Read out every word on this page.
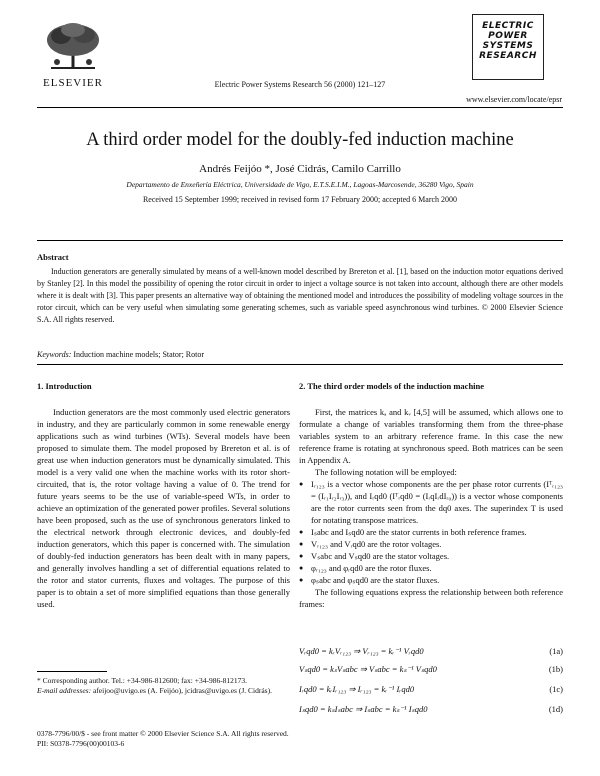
ELSEVIER	Electric Power Systems Research 56 (2000) 121–127
ELECTRIC
POWER
SYSTEMS
RESEARCH
www.elsevier.com/locate/epsr
A third order model for the doubly-fed induction machine
Andrés Feijóo *, José Cidrás, Camilo Carrillo
Departamento de Enxeñería Eléctrica, Universidade de Vigo, E.T.S.E.I.M., Lagoas-Marcosende, 36280 Vigo, Spain
Received 15 September 1999; received in revised form 17 February 2000; accepted 6 March 2000
Abstract
Induction generators are generally simulated by means of a well-known model described by Brereton et al. [1], based on the induction motor equations derived by Stanley [2]. In this model the possibility of opening the rotor circuit in order to inject a voltage source is not taken into account, although there are other models where it is dealt with [3]. This paper presents an alternative way of obtaining the mentioned model and introduces the possibility of modeling voltage sources in the rotor circuit, which can be very useful when simulating some generating schemes, such as variable speed asynchronous wind turbines. © 2000 Elsevier Science S.A. All rights reserved.
Keywords: Induction machine models; Stator; Rotor
1. Introduction

Induction generators are the most commonly used electric generators in industry, and they are particularly common in some renewable energy applications such as wind turbines (WTs). Several models have been proposed to simulate them. The model proposed by Brereton et al. is of great use when induction generators must be dynamically simulated. This model is a very valid one when the machine works with its rotor short-circuited, that is, the rotor voltage having a value of 0. The trend for future years seems to be the use of variable-speed WTs, in order to achieve an optimization of the generated power profiles. Several solutions have been proposed, such as the use of synchronous generators linked to the electrical network through electronic devices, and doubly-fed induction generators, which this paper is concerned with. The simulation of doubly-fed induction generators has been dealt with in many papers, and generally involves handling a set of differential equations related to the rotor and stator currents, fluxes and voltages. The purpose of this paper is to obtain a set of more simplified equations than those generally used.

2. The third order models of the induction machine

First, the matrices kₐ and kᵥ [4,5] will be assumed, which allows one to formulate a change of variables transforming them from the three-phase variables system to an arbitrary reference frame. In this case the new reference frame is rotating at synchronous speed. Both matrices can be seen in Appendix A.

The following notation will be employed:

● Iᵣ₁₂₃ is a vector whose components are the per phase rotor currents (Iᵀᵣ₁₂₃ = (Iᵣ₁Iᵣ₂Iᵣ₃)), and Iᵣqd0 (Iᵀᵣqd0 = (IᵣqIᵣdIᵣ₀)) is a vector whose components are the rotor currents seen from the dq0 axes. The superindex T is used for notating transpose matrices.
● Iₛabc and Iₛqd0 are the stator currents in both reference frames.
● Vᵣ₁₂₃ and Vᵣqd0 are the rotor voltages.
● Vₛabc and Vₛqd0 are the stator voltages.
● φᵣ₁₂₃ and φᵣqd0 are the rotor fluxes.
● φₛabc and φₛqd0 are the stator fluxes.

The following equations express the relationship between both reference frames:

Vᵣqd0 = kᵣVᵣ₁₂₃ ⇒ Vᵣ₁₂₃ = kᵣ⁻¹ Vᵣqd0	(1a)
Vₛqd0 = kₛVₛabc ⇒ Vₛabc = kₛ⁻¹ Vₛqd0	(1b)
Iᵣqd0 = kᵣIᵣ₁₂₃ ⇒ Iᵣ₁₂₃ = kᵣ⁻¹ Iᵣqd0	(1c)
Iₛqd0 = kₛIₛabc ⇒ Iₛabc = kₛ⁻¹ Iₛqd0	(1d)
* Corresponding author. Tel.: +34-986-812600; fax: +34-986-812173.
E-mail addresses: afeijoo@uvigo.es (A. Feijóo), jcidras@uvigo.es (J. Cidrás).
0378-7796/00/$ - see front matter © 2000 Elsevier Science S.A. All rights reserved.
PII: S0378-7796(00)00103-6
